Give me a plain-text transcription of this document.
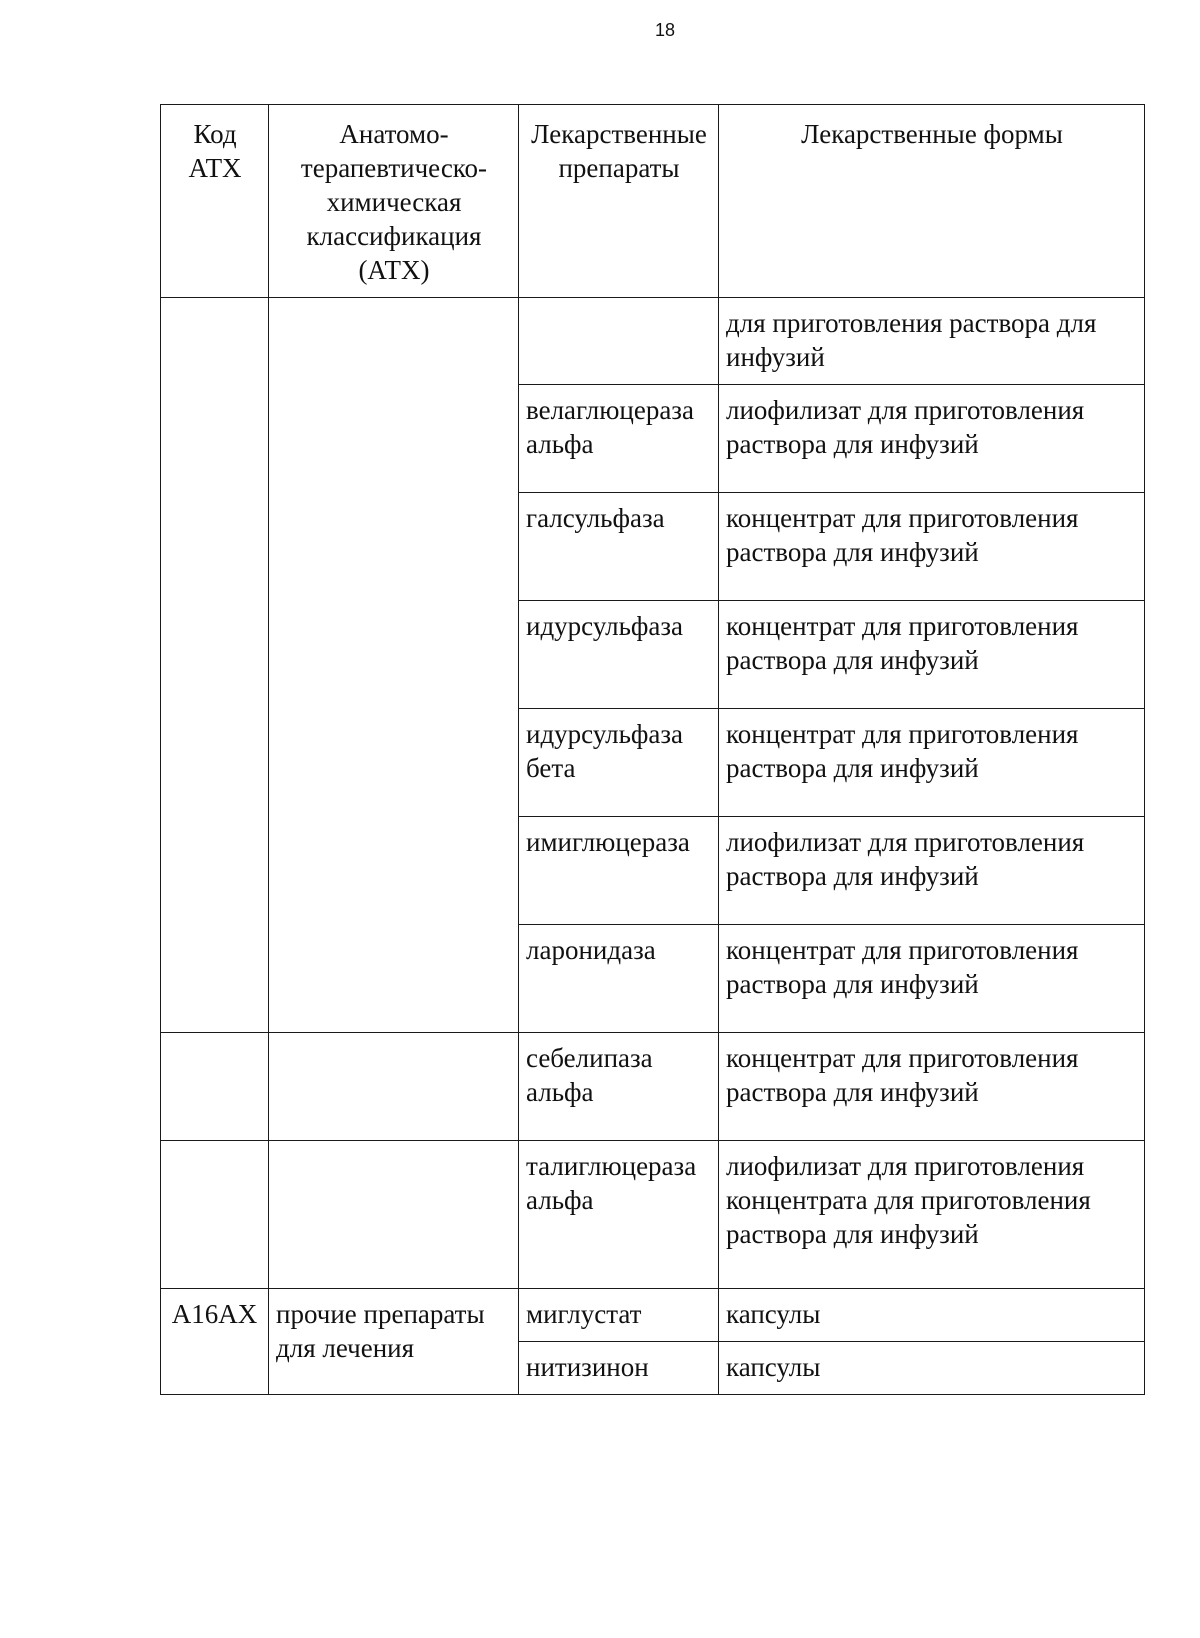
18
Код АТХ	Анатомо-терапевтическо-химическая классификация (АТХ)	Лекарственные препараты	Лекарственные формы
			для приготовления раствора для инфузий
		велаглюцераза альфа	лиофилизат для приготовления раствора для инфузий
		галсульфаза	концентрат для приготовления раствора для инфузий
		идурсульфаза	концентрат для приготовления раствора для инфузий
		идурсульфаза бета	концентрат для приготовления раствора для инфузий
		имиглюцераза	лиофилизат для приготовления раствора для инфузий
		ларонидаза	концентрат для приготовления раствора для инфузий
		себелипаза альфа	концентрат для приготовления раствора для инфузий
		талиглюцераза альфа	лиофилизат для приготовления концентрата для приготовления раствора для инфузий
A16AX	прочие препараты для лечения	миглустат	капсулы
		нитизинон	капсулы
